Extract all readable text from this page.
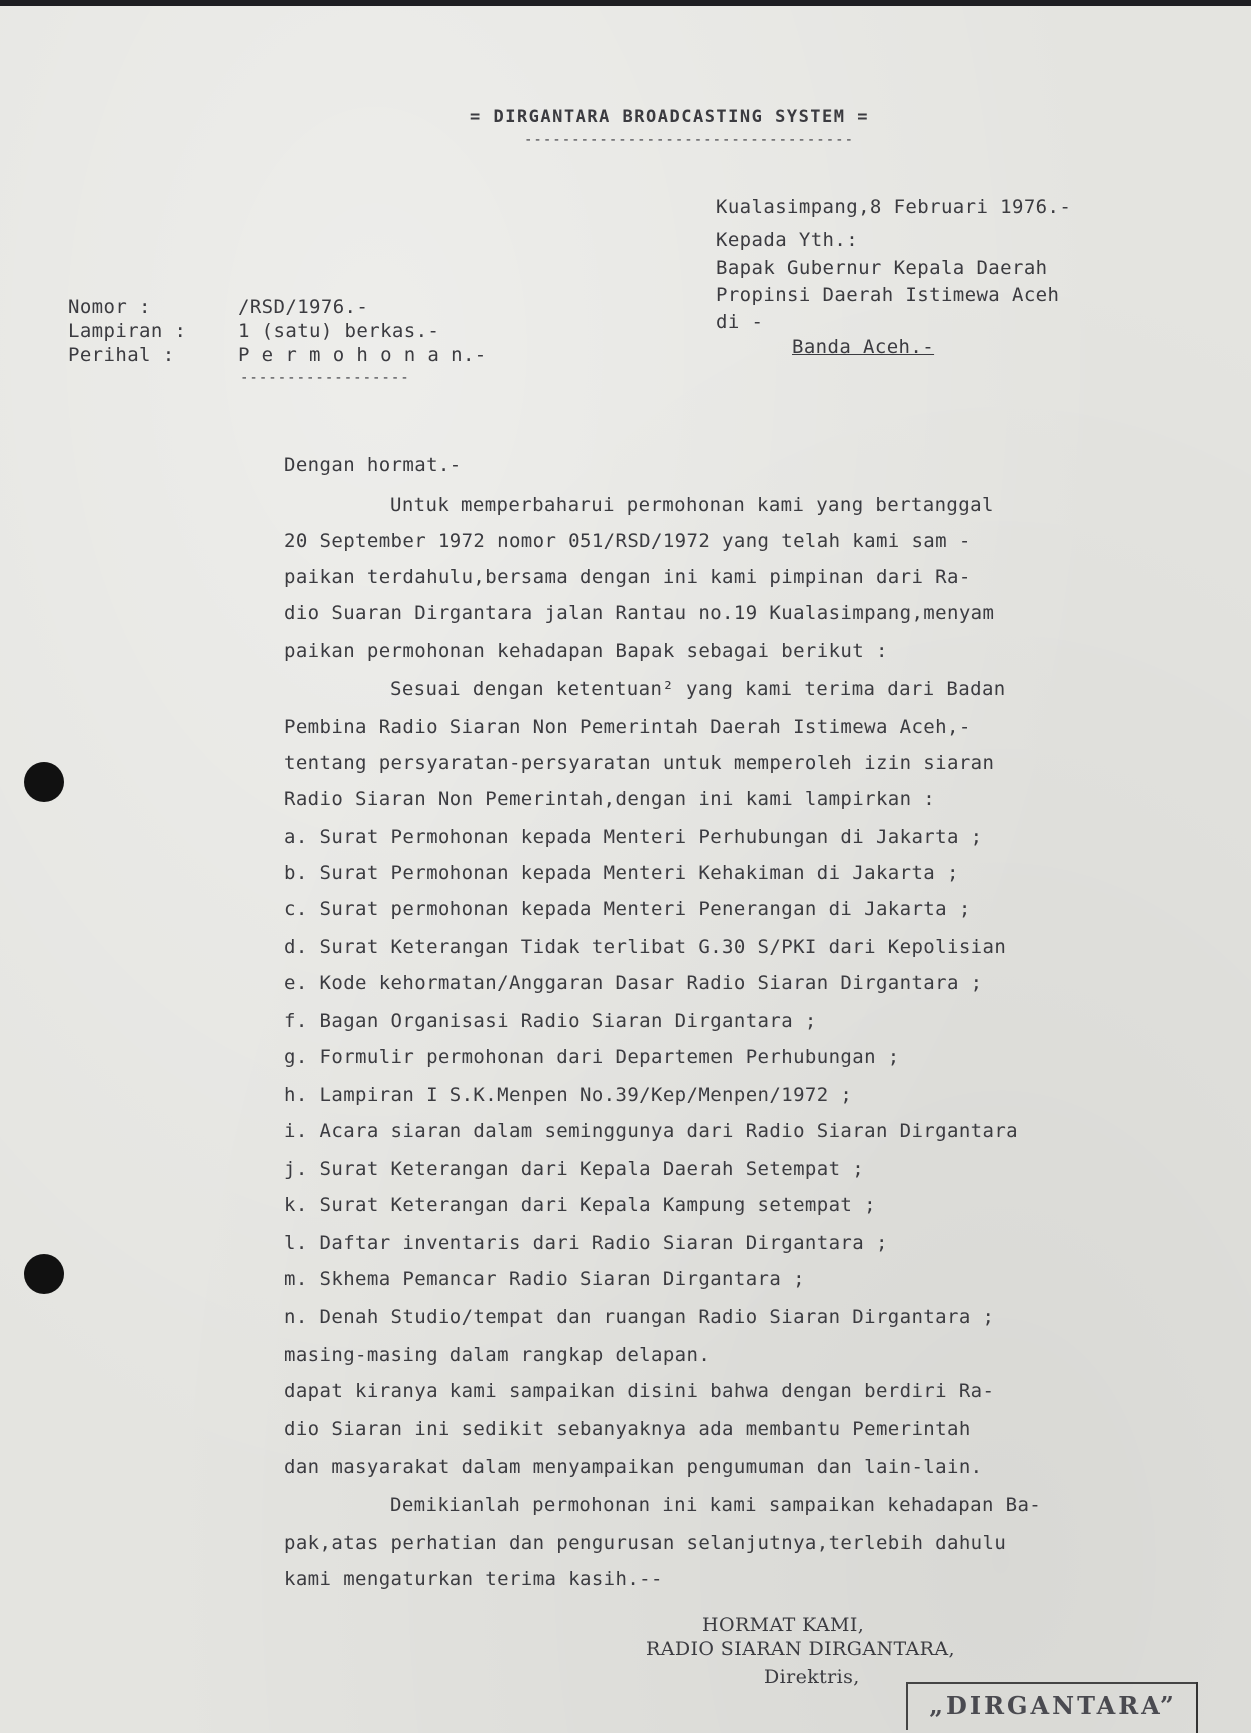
= DIRGANTARA BROADCASTING SYSTEM =
-----------------------------------
Kualasimpang,8 Februari 1976.-
Kepada Yth.:
Bapak Gubernur Kepala Daerah
Propinsi Daerah Istimewa Aceh
di -
Banda Aceh.-
Nomor :	/RSD/1976.-
Lampiran :	1 (satu) berkas.-
Perihal :	P e r m o h o n a n.-
------------------
Dengan hormat.-
Untuk memperbaharui permohonan kami yang bertanggal
20 September 1972 nomor 051/RSD/1972 yang telah kami sam -
paikan terdahulu,bersama dengan ini kami pimpinan dari Ra-
dio Suaran Dirgantara jalan Rantau no.19 Kualasimpang,menyam
paikan permohonan kehadapan Bapak sebagai berikut :
Sesuai dengan ketentuan² yang kami terima dari Badan
Pembina Radio Siaran Non Pemerintah Daerah Istimewa Aceh,-
tentang persyaratan-persyaratan untuk memperoleh izin siaran
Radio Siaran Non Pemerintah,dengan ini kami lampirkan :
a. Surat Permohonan kepada Menteri Perhubungan di Jakarta ;
b. Surat Permohonan kepada Menteri Kehakiman di Jakarta ;
c. Surat permohonan kepada Menteri Penerangan di Jakarta ;
d. Surat Keterangan Tidak terlibat G.30 S/PKI dari Kepolisian
e. Kode kehormatan/Anggaran Dasar Radio Siaran Dirgantara ;
f. Bagan Organisasi Radio Siaran Dirgantara ;
g. Formulir permohonan dari Departemen Perhubungan ;
h. Lampiran I S.K.Menpen No.39/Kep/Menpen/1972 ;
i. Acara siaran dalam seminggunya dari Radio Siaran Dirgantara
j. Surat Keterangan dari Kepala Daerah Setempat ;
k. Surat Keterangan dari Kepala Kampung setempat ;
l. Daftar inventaris dari Radio Siaran Dirgantara ;
m. Skhema Pemancar Radio Siaran Dirgantara ;
n. Denah Studio/tempat dan ruangan Radio Siaran Dirgantara ;
masing-masing dalam rangkap delapan.
dapat kiranya kami sampaikan disini bahwa dengan berdiri Ra-
dio Siaran ini sedikit sebanyaknya ada membantu Pemerintah
dan masyarakat dalam menyampaikan pengumuman dan lain-lain.
Demikianlah permohonan ini kami sampaikan kehadapan Ba-
pak,atas perhatian dan pengurusan selanjutnya,terlebih dahulu
kami mengaturkan terima kasih.--
HORMAT KAMI,
RADIO SIARAN DIRGANTARA,
Direktris,
„DIRGANTARA”
